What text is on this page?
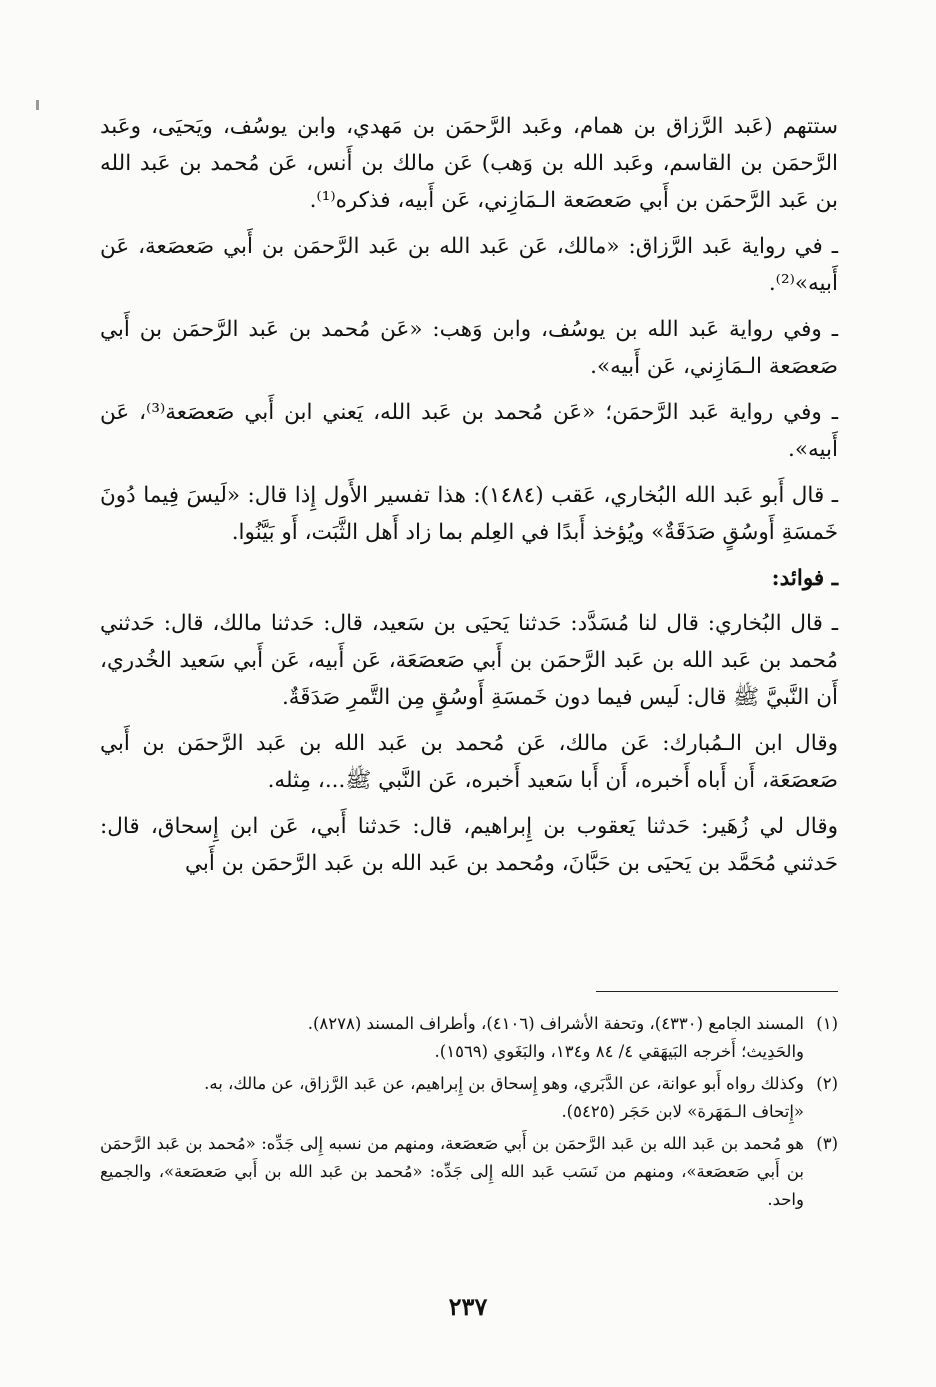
ستتهم (عَبد الرَّزاق بن همام، وعَبد الرَّحمَن بن مَهدي، وابن يوسُف، ويَحيَى، وعَبد الرَّحمَن بن القاسم، وعَبد الله بن وَهب) عَن مالك بن أَنس، عَن مُحمد بن عَبد الله بن عَبد الرَّحمَن بن أَبي صَعصَعة الـمَازِني، عَن أَبيه، فذكره⁽¹⁾.

ـ في رواية عَبد الرَّزاق: «مالك، عَن عَبد الله بن عَبد الرَّحمَن بن أَبي صَعصَعة، عَن أَبيه»⁽²⁾.

ـ وفي رواية عَبد الله بن يوسُف، وابن وَهب: «عَن مُحمد بن عَبد الرَّحمَن بن أَبي صَعصَعة الـمَازِني، عَن أَبيه».

ـ وفي رواية عَبد الرَّحمَن؛ «عَن مُحمد بن عَبد الله، يَعني ابن أَبي صَعصَعة⁽³⁾، عَن أَبيه».

ـ قال أَبو عَبد الله البُخاري، عَقب (١٤٨٤): هذا تفسير الأَول إِذا قال: «لَيسَ فِيما دُونَ خَمسَةِ أَوسُقٍ صَدَقَةٌ» ويُؤخذ أَبدًا في العِلم بما زاد أَهل الثَّبَت، أَو بَيَّنُوا.

ـ فوائد:

ـ قال البُخاري: قال لنا مُسَدَّد: حَدثنا يَحيَى بن سَعيد، قال: حَدثنا مالك، قال: حَدثني مُحمد بن عَبد الله بن عَبد الرَّحمَن بن أَبي صَعصَعَة، عَن أَبيه، عَن أَبي سَعيد الخُدري، أَن النَّبيَّ ﷺ قال: لَيس فيما دون خَمسَةِ أَوسُقٍ مِن التَّمرِ صَدَقَةٌ.

وقال ابن الـمُبارك: عَن مالك، عَن مُحمد بن عَبد الله بن عَبد الرَّحمَن بن أَبي صَعصَعَة، أَن أَباه أَخبره، أَن أَبا سَعيد أَخبره، عَن النَّبي ﷺ...، مِثله.

وقال لي زُهَير: حَدثنا يَعقوب بن إِبراهيم، قال: حَدثنا أَبي، عَن ابن إِسحاق، قال: حَدثني مُحَمَّد بن يَحيَى بن حَبَّانَ، ومُحمد بن عَبد الله بن عَبد الرَّحمَن بن أَبي

(١)
المسند الجامع (٤٣٣٠)، وتحفة الأشراف (٤١٠٦)، وأطراف المسند (٨٢٧٨).
والحَدِيث؛ أَخرجه البَيهَقي ٤/ ٨٤ و١٣٤، والبَغَوي (١٥٦٩).
(٢)
وكذلك رواه أَبو عوانة، عن الدَّبَري، وهو إِسحاق بن إِبراهيم، عن عَبد الرَّزاق، عن مالك، به.
«إِتحاف الـمَهَرة» لابن حَجَر (٥٤٢٥).
(٣)
هو مُحمد بن عَبد الله بن عَبد الرَّحمَن بن أَبي صَعصَعة، ومنهم من نسبه إِلى جَدِّه: «مُحمد بن عَبد الرَّحمَن بن أَبي صَعصَعة»، ومنهم من نَسَب عَبد الله إِلى جَدِّه: «مُحمد بن عَبد الله بن أَبي صَعصَعة»، والجميع واحد.
٢٣٧
